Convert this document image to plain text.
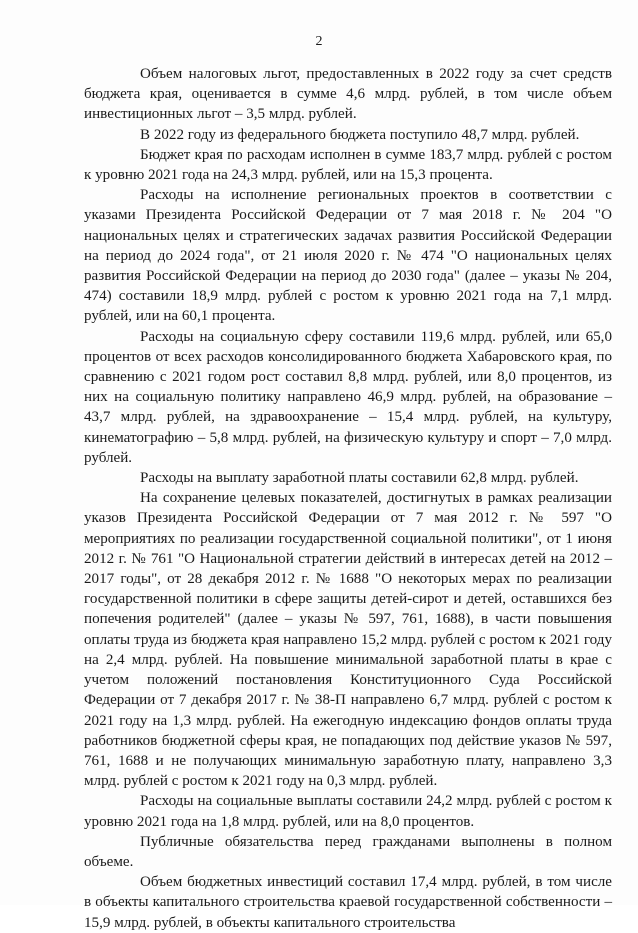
2

Объем налоговых льгот, предоставленных в 2022 году за счет средств бюджета края, оценивается в сумме 4,6 млрд. рублей, в том числе объем инвестиционных льгот – 3,5 млрд. рублей.

В 2022 году из федерального бюджета поступило 48,7 млрд. рублей.

Бюджет края по расходам исполнен в сумме 183,7 млрд. рублей с ростом к уровню 2021 года на 24,3 млрд. рублей, или на 15,3 процента.

Расходы на исполнение региональных проектов в соответствии с указами Президента Российской Федерации от 7 мая 2018 г. № 204 "О национальных целях и стратегических задачах развития Российской Федерации на период до 2024 года", от 21 июля 2020 г. № 474 "О национальных целях развития Российской Федерации на период до 2030 года" (далее – указы № 204, 474) составили 18,9 млрд. рублей с ростом к уровню 2021 года на 7,1 млрд. рублей, или на 60,1 процента.

Расходы на социальную сферу составили 119,6 млрд. рублей, или 65,0 процентов от всех расходов консолидированного бюджета Хабаровского края, по сравнению с 2021 годом рост составил 8,8 млрд. рублей, или 8,0 процентов, из них на социальную политику направлено 46,9 млрд. рублей, на образование – 43,7 млрд. рублей, на здравоохранение – 15,4 млрд. рублей, на культуру, кинематографию – 5,8 млрд. рублей, на физическую культуру и спорт – 7,0 млрд. рублей.

Расходы на выплату заработной платы составили 62,8 млрд. рублей.

На сохранение целевых показателей, достигнутых в рамках реализации указов Президента Российской Федерации от 7 мая 2012 г. № 597 "О мероприятиях по реализации государственной социальной политики", от 1 июня 2012 г. № 761 "О Национальной стратегии действий в интересах детей на 2012 – 2017 годы", от 28 декабря 2012 г. № 1688 "О некоторых мерах по реализации государственной политики в сфере защиты детей-сирот и детей, оставшихся без попечения родителей" (далее – указы № 597, 761, 1688), в части повышения оплаты труда из бюджета края направлено 15,2 млрд. рублей с ростом к 2021 году на 2,4 млрд. рублей. На повышение минимальной заработной платы в крае с учетом положений постановления Конституционного Суда Российской Федерации от 7 декабря 2017 г. № 38-П направлено 6,7 млрд. рублей с ростом к 2021 году на 1,3 млрд. рублей. На ежегодную индексацию фондов оплаты труда работников бюджетной сферы края, не попадающих под действие указов № 597, 761, 1688 и не получающих минимальную заработную плату, направлено 3,3 млрд. рублей с ростом к 2021 году на 0,3 млрд. рублей.

Расходы на социальные выплаты составили 24,2 млрд. рублей с ростом к уровню 2021 года на 1,8 млрд. рублей, или на 8,0 процентов.

Публичные обязательства перед гражданами выполнены в полном объеме.

Объем бюджетных инвестиций составил 17,4 млрд. рублей, в том числе в объекты капитального строительства краевой государственной собственности – 15,9 млрд. рублей, в объекты капитального строительства
